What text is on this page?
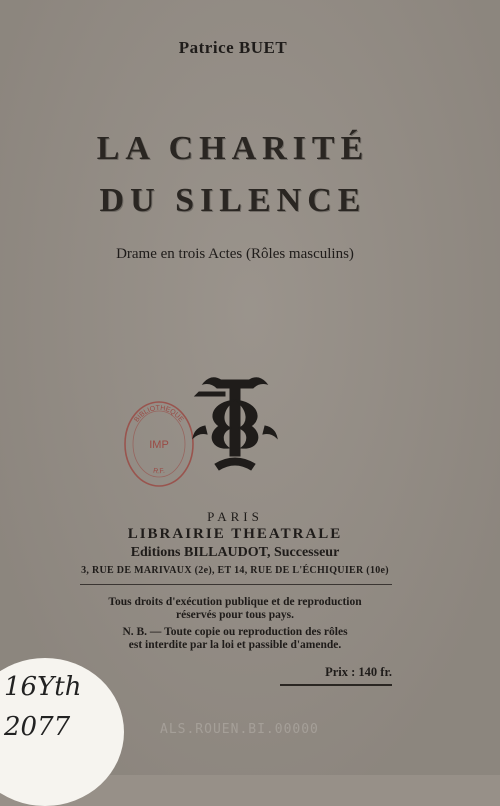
Patrice BUET
LA CHARITÉ
DU SILENCE
Drame en trois Actes (Rôles masculins)
BIBLIOTHEQUE
IMP
R.F.
PARIS
LIBRAIRIE THEATRALE
Editions BILLAUDOT, Successeur
3, RUE DE MARIVAUX (2e), ET 14, RUE DE L'ÉCHIQUIER (10e)
Tous droits d'exécution publique et de reproduction
réservés pour tous pays.
N. B. — Toute copie ou reproduction des rôles
est interdite par la loi et passible d'amende.
Prix : 140 fr.
ALS.ROUEN.BI.00000
16Yth
2077
